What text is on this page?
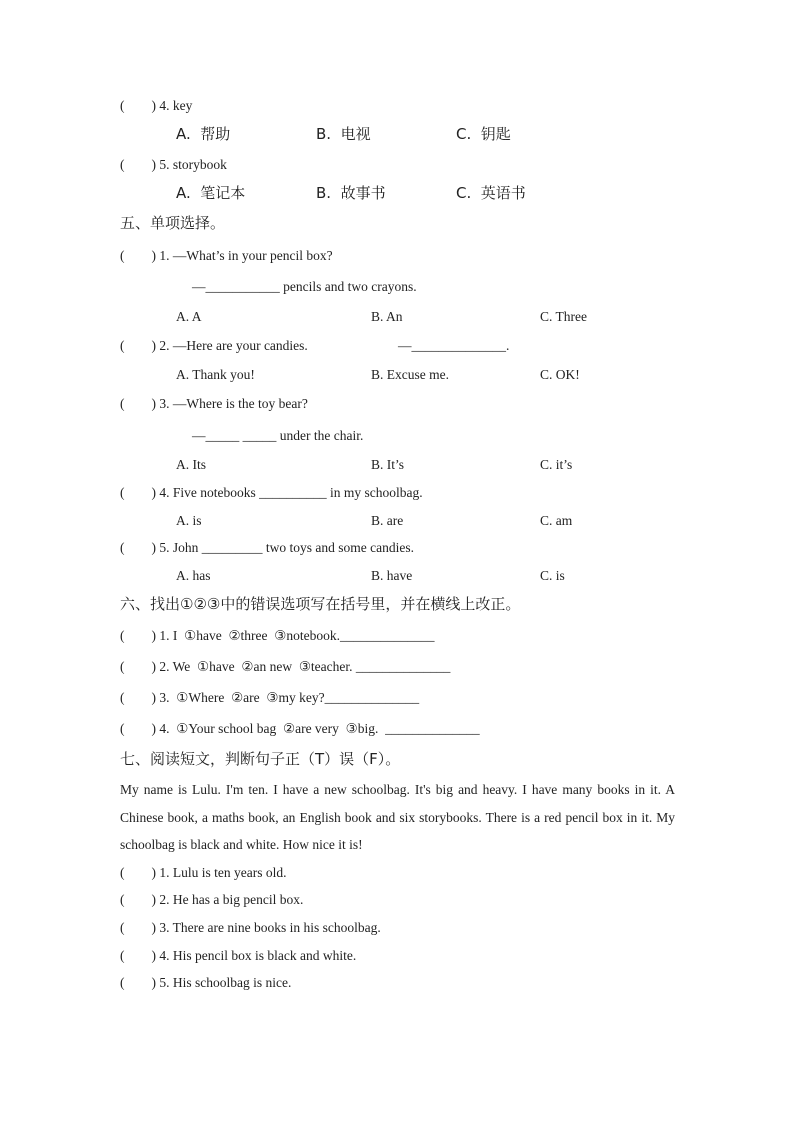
(        ) 4. key
A.  帮助	B.  电视	C.  钥匙
(        ) 5. storybook
A.  笔记本	B.  故事书	C.  英语书
五、单项选择。
(        ) 1. —What’s in your pencil box?
—___________ pencils and two crayons.
A. A	B. An	C. Three
(        ) 2. —Here are your candies.	—______________.
A. Thank you!	B. Excuse me.	C. OK!
(        ) 3. —Where is the toy bear?
—_____ _____ under the chair.
A. Its	B. It’s	C. it’s
(        ) 4. Five notebooks __________ in my schoolbag.
A. is	B. are	C. am
(        ) 5. John _________ two toys and some candies.
A. has	B. have	C. is
六、找出①②③中的错误选项写在括号里，并在横线上改正。
(        ) 1. I  ①have  ②three  ③notebook.______________
(        ) 2. We  ①have  ②an new  ③teacher. ______________
(        ) 3.  ①Where  ②are  ③my key?______________
(        ) 4.  ①Your school bag  ②are very  ③big.  ______________
七、阅读短文，判断句子正（T）误（F）。
My name is Lulu. I'm ten. I have a new schoolbag. It's big and heavy. I have many books in it. A Chinese book, a maths book, an English book and six storybooks. There is a red pencil box in it. My schoolbag is black and white. How nice it is!
(        ) 1. Lulu is ten years old.
(        ) 2. He has a big pencil box.
(        ) 3. There are nine books in his schoolbag.
(        ) 4. His pencil box is black and white.
(        ) 5. His schoolbag is nice.
